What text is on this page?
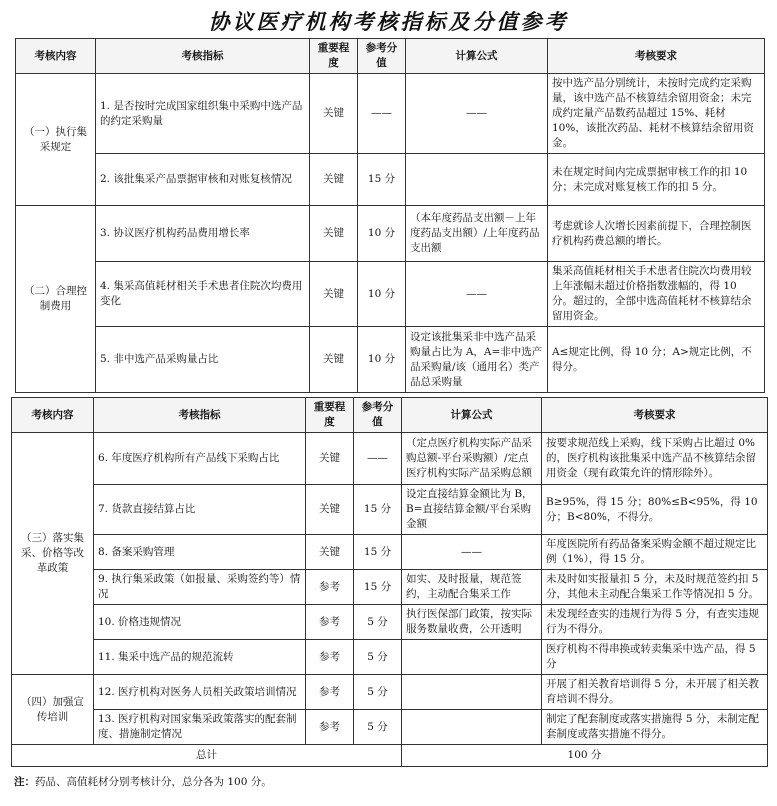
协议医疗机构考核指标及分值参考
考核内容	考核指标	重要程度	参考分值	计算公式	考核要求
（一）执行集采规定	1. 是否按时完成国家组织集中采购中选产品的约定采购量	关键	——	——	按中选产品分别统计，未按时完成约定采购量，该中选产品不核算结余留用资金；未完成约定量产品数药品超过 15%、耗材 10%，该批次药品、耗材不核算结余留用资金。
	2. 该批集采产品票据审核和对账复核情况	关键	15 分		未在规定时间内完成票据审核工作的扣 10 分；未完成对账复核工作的扣 5 分。
（二）合理控制费用	3. 协议医疗机构药品费用增长率	关键	10 分	（本年度药品支出额－上年度药品支出额）/上年度药品支出额	考虑就诊人次增长因素前提下，合理控制医疗机构药费总额的增长。
	4. 集采高值耗材相关手术患者住院次均费用变化	关键	10 分	——	集采高值耗材相关手术患者住院次均费用较上年涨幅未超过价格指数涨幅的，得 10 分。超过的，全部中选高值耗材不核算结余留用资金。
	5. 非中选产品采购量占比	关键	10 分	设定该批集采非中选产品采购量占比为 A，A=非中选产品采购量/该（通用名）类产品总采购量	A≤规定比例，得 10 分；A>规定比例，不得分。
考核内容	考核指标	重要程度	参考分值	计算公式	考核要求
（三）落实集采、价格等改革政策	6. 年度医疗机构所有产品线下采购占比	关键	——	（定点医疗机构实际产品采购总额-平台采购额）/定点医疗机构实际产品采购总额	按要求规范线上采购，线下采购占比超过 0%的，医疗机构该批集采中选产品不核算结余留用资金（现有政策允许的情形除外）。
	7. 货款直接结算占比	关键	15 分	设定直接结算金额比为 B，B=直接结算金额/平台采购金额	B≥95%，得 15 分；80%≤B<95%，得 10 分；B<80%，不得分。
	8. 备案采购管理	关键	15 分	——	年度医院所有药品备案采购金额不超过规定比例（1%），得 15 分。
	9. 执行集采政策（如报量、采购签约等）情况	参考	15 分	如实、及时报量，规范签约，主动配合集采工作	未及时如实报量扣 5 分，未及时规范签约扣 5 分，其他未主动配合集采工作等情况扣 5 分。
	10. 价格违规情况	参考	5 分	执行医保部门政策，按实际服务数量收费，公开透明	未发现经查实的违规行为得 5 分，有查实违规行为不得分。
	11. 集采中选产品的规范流转	参考	5 分		医疗机构不得串换或转卖集采中选产品，得 5 分
（四）加强宣传培训	12. 医疗机构对医务人员相关政策培训情况	参考	5 分		开展了相关教育培训得 5 分，未开展了相关教育培训不得分。
	13. 医疗机构对国家集采政策落实的配套制度、措施制定情况	参考	5 分		制定了配套制度或落实措施得 5 分，未制定配套制度或落实措施不得分。
总计				100 分	
注：药品、高值耗材分别考核计分，总分各为 100 分。
